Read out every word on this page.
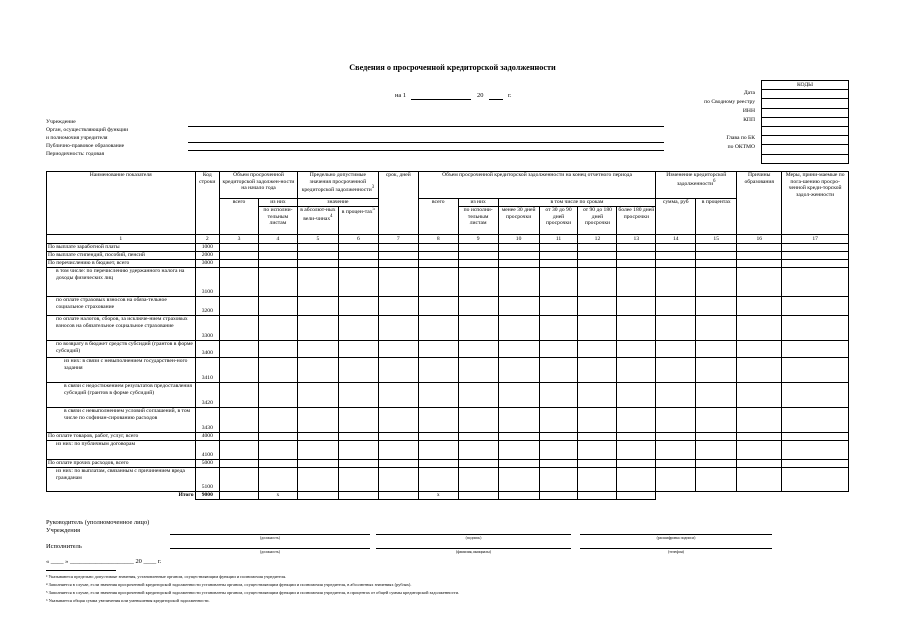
Сведения о просроченной кредиторской задолженности
на 1	20	г.
КОДЫ
Дата
по Сводному реестру
ИНН
КПП
Глава по БК
по ОКТМО
Учреждение
Орган, осуществляющий функции
и полномочия учредителя
Публично-правовое образование
Периодичность: годовая
Наименование показателя	Код строки	Объем просроченной кредиторской задолжен-ности на начало года		Предельно допустимые значения просроченной кредиторской задолженности$^3$		срок, дней	Объем просроченной кредиторской задолженности на конец отчетного периода						Изменение кредиторской задолженности$^6$		Причины образования	Меры, прини-маемые по пога-шению просро-ченной креди-торской задол-женности
		всего	из них	значение			всего	из них	в том числе по срокам				сумма, руб	в процентах		
			по исполни-тельным листам	в абсолют-ных вели-чинах$^4$	в процен-тах$^5$			по исполни-тельным листам	менее 30 дней просрочки	от 30 до 90 дней просрочки	от 90 до 180 дней просрочки	более 180 дней просрочки				
1	2	3	4	5	6	7	8	9	10	11	12	13	14	15	16	17
По выплате заработной платы	1000															
По выплате стипендий, пособий, пенсий	2000															
По перечислению в бюджет, всего	3000															
в том числе: по перечислению удержанного налога на доходы физических лиц	3100															
по оплате страховых взносов на обяза-тельное социальное страхование	3200															
по оплате налогов, сборов, за исключе-нием страховых взносов на обязательное социальное страхование	3300															
по возврату в бюджет средств субсидий (грантов в форме субсидий)	3400															
из них: в связи с невыполнением государствен-ного задания	3410															
в связи с недостижением результатов предоставления субсидий (грантов в форме субсидий)	3420															
в связи с невыполнением условий соглашений, в том числе по софинан-сированию расходов	3430															
По оплате товаров, работ, услуг, всего	4000															
из них: по публичным договорам	4100															
По оплате прочих расходов, всего	5000															
из них: по выплатам, связанным с причинением вреда гражданам	5100															
Итого	9000		x				x									
Руководитель (уполномоченное лицо) Учреждения
(должность)	(подпись)	(расшифровка подписи)
Исполнитель
(должность)	(фамилия, инициалы)	(телефон)
« ____ » ____________________ 20 ____ г.
³ Указываются предельно допустимые значения, установленные органом, осуществляющим функции и полномочия учредителя.
⁴ Заполняется в случае, если значения просроченной кредиторской задолженности установлены органом, осуществляющим функции и полномочия учредителя, в абсолютных значениях (рублях).
⁵ Заполняется в случае, если значения просроченной кредиторской задолженности установлены органом, осуществляющим функции и полномочия учредителя, в процентах от общей суммы кредиторской задолженности.
⁶ Указывается общая сумма увеличения или уменьшения кредиторской задолженности.
